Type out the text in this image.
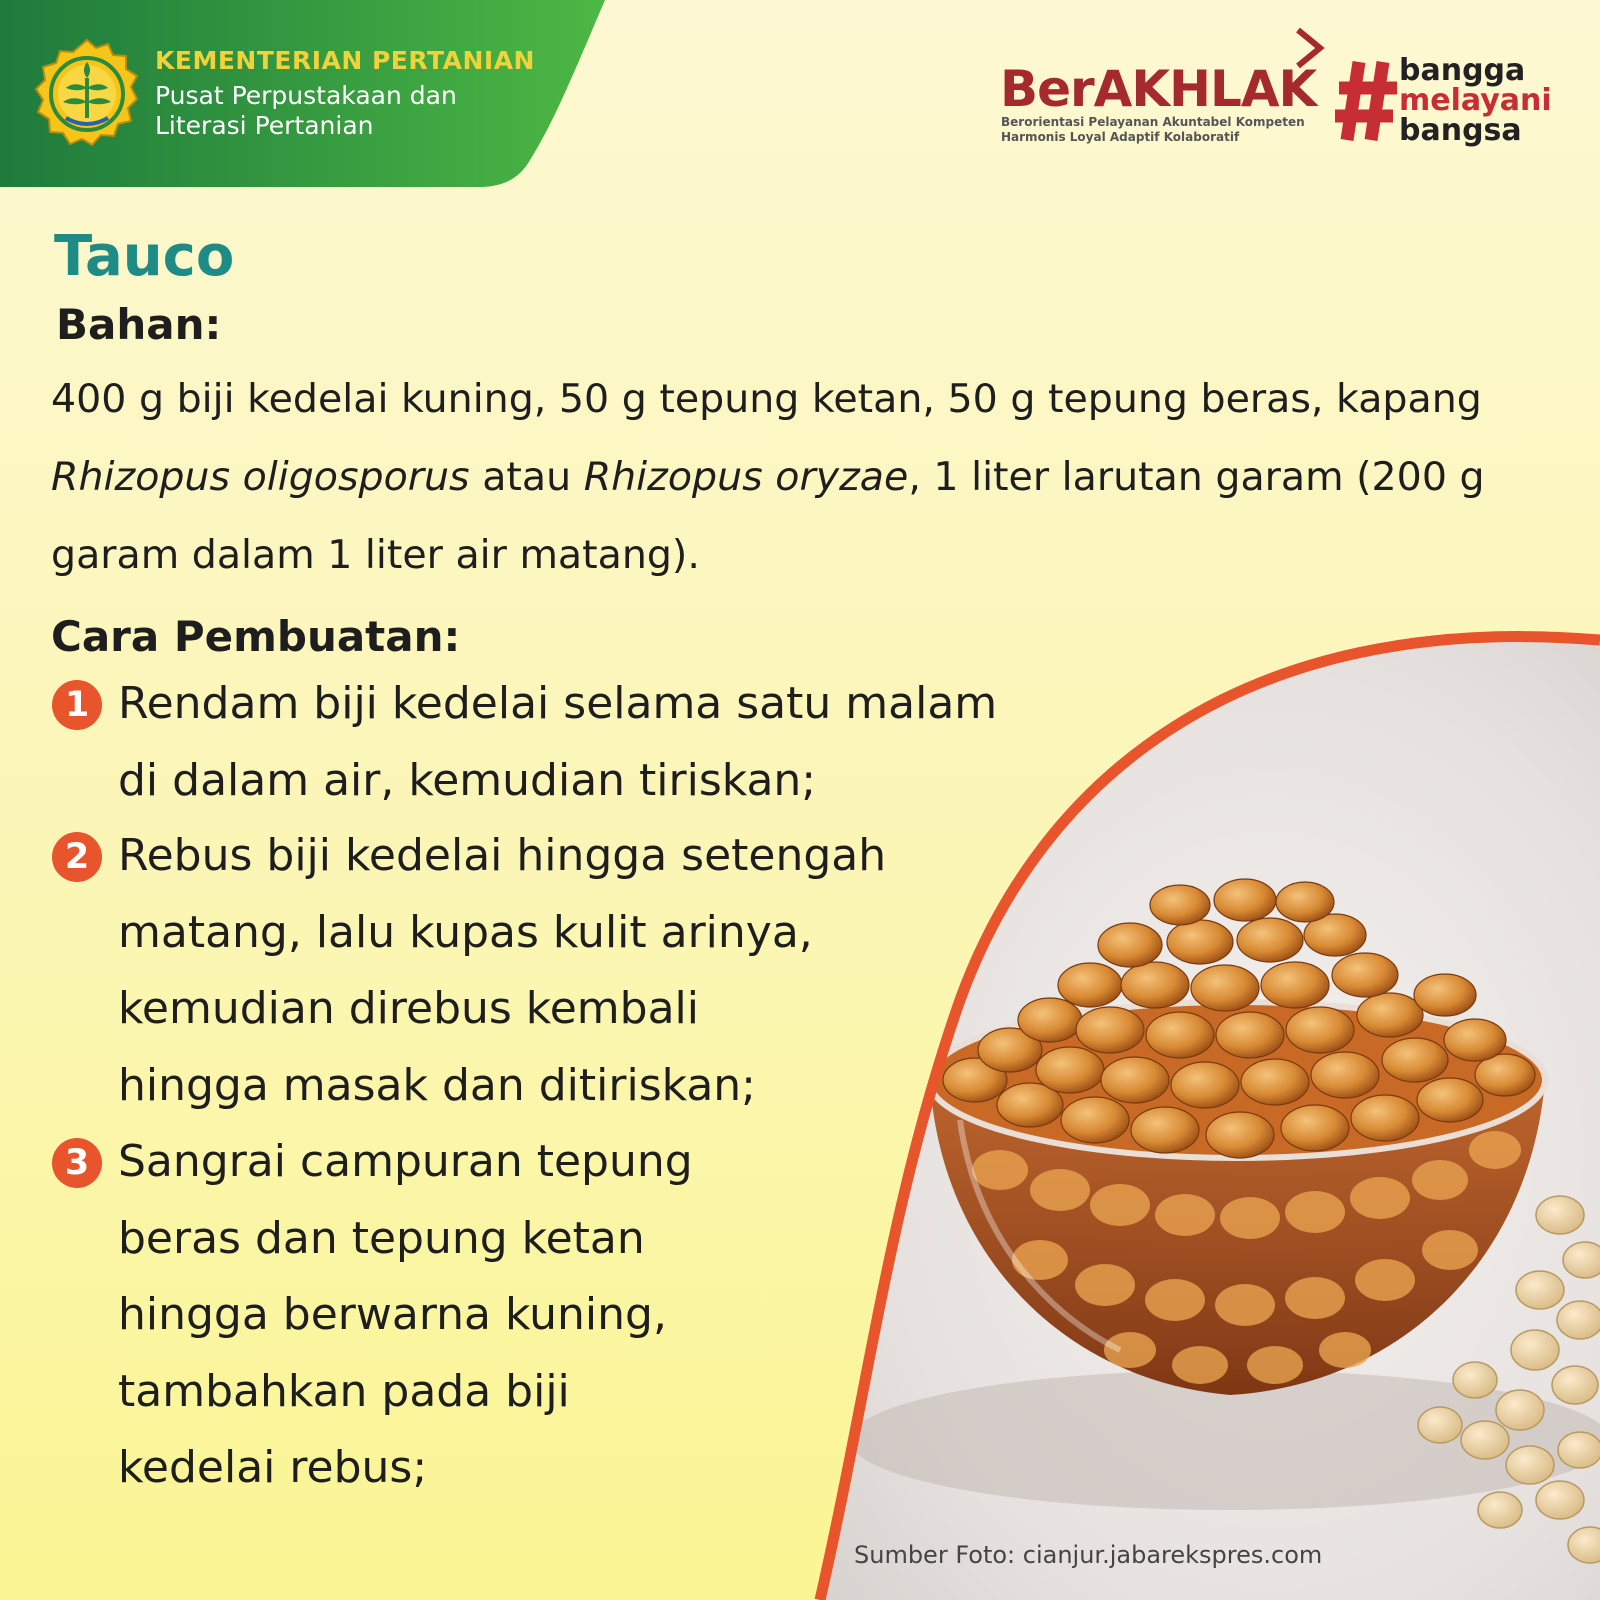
KEMENTERIAN PERTANIAN
Pusat Perpustakaan dan
Literasi Pertanian
BerAKHLAK
Berorientasi Pelayanan Akuntabel Kompeten
Harmonis Loyal Adaptif Kolaboratif
bangga
melayani
bangsa
Tauco
Bahan:
400 g biji kedelai kuning, 50 g tepung ketan, 50 g tepung beras, kapang Rhizopus oligosporus atau Rhizopus oryzae, 1 liter larutan garam (200 g garam dalam 1 liter air matang).
Cara Pembuatan:
1 Rendam biji kedelai selama satu malam
di dalam air, kemudian tiriskan;
2 Rebus biji kedelai hingga setengah
matang, lalu kupas kulit arinya,
kemudian direbus kembali
hingga masak dan ditiriskan;
3 Sangrai campuran tepung
beras dan tepung ketan
hingga berwarna kuning,
tambahkan pada biji
kedelai rebus;
Sumber Foto: cianjur.jabarekspres.com
